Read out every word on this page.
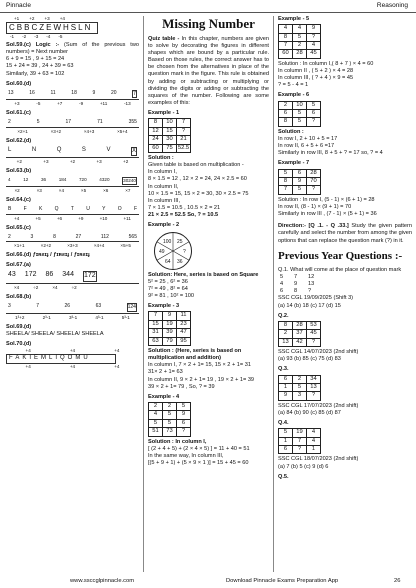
Pinnacle	Reasoning
+1 +2 +3 +4
CBBCZEWHSLN
-1 -2 -3 -4 -5
Sol.59.(c) Logic :- (Sum of the previous two numbers) = Next number
6 + 9 = 15 , 9 + 15 = 24
15 + 24 = 39 , 24 + 39 = 63
Similarly, 39 + 63 = 102
Sol.60.(d)
13	16	11	18	9	20	7
+3	-5	+7	-9	+11	-13
Sol.61.(c)
2	5	17	71	355
×2+1	×3+2	×4+3	×5+4
Sol.62.(d)
L	N	Q	S	V	X
+2	+3	+2	+3	+2
Sol.63.(b)
4	12	36	184	720	4320	30240
×2	×3	×4	×5	×6	×7
Sol.64.(c)
B F K Q T U Y O F
+4	+5	+6	+9	+10	+11
Sol.65.(c)
2	3	8	27	112	565
×1+1	×2+2	×3+3	×4+4	×5+5
Sol.66.(d) ƒɪʀƨɪɟ / ƒɪʀƨɪɟ / ƒɪʀƨɪɟ
Sol.67.(a)
43 172 86 344 172
×4	÷2	×4	÷2
Sol.68.(b)
3	7	26	63	124
1³+2	2³-1	3³-1	4³-1	5³-1
Sol.69.(d)
SHEELA/ SHEELA/ SHEELA/ SHEELA
Sol.70.(d)
+4	+4	+4
FAKIEMLIQOMU
+4	+4	+4
Missing Number
Quiz table - In this chapter, numbers are given to solve by decorating the figures in different shapes which are bound by a particular rule. Based on those rules, the correct answer has to be chosen from the alternatives in place of the question mark in the figure. This rule is obtained by adding or subtracting or multiplying or dividing the digits or adding or subtracting the squares of the number. Following are some examples of this:
Example - 1
8	10	7
12	15	?
24	30	21
60	75	52.5
Solution :
Given table is based on multiplication -
In column I,
8 × 1.5 = 12 , 12 × 2 = 24, 24 × 2.5 = 60
In column II,
10 × 1.5 = 15, 15 × 2 = 30, 30 × 2.5 = 75
In column III,
7 × 1.5 = 10.5 , 10.5 × 2 = 21
21 × 2.5 = 52.5 So, ? = 10.5
Example - 2
100 25
?
36
64
49
Solution: Here, series is based on Square
5² = 25 , 6² = 36
7² = 49 , 8² = 64
9² = 81 , 10² = 100
Example - 3
7	9	11
15	19	23
31	39	47
63	79	95
Solution : (Here, series is based on multiplication and addition)
In column I, 7 × 2 + 1= 15, 15 × 2 + 1= 31
31× 2 + 1= 63
In column II, 9 × 2 + 1= 19 , 19 × 2 + 1= 39
39 × 2 + 1= 79 , So, ? = 39
Example - 4
2	2	5
4	5	9
5	5	6
51	73	?
Solution : In column I,
[ (2 + 4 + 5) + (2 × 4 × 5) ] = 11 + 40 = 51
In the same way, In column III,
[(5 + 9 + 1) + (5 × 9 × 1 )] = 15 + 45 = 60
Example - 5
4	4	9
8	5	?
7	2	4
60	28	45
Solution : In column I,( 8 + 7 ) × 4 = 60
In column II , ( 5 + 2 ) × 4 = 28
In column III, ( ? + 4 ) × 9 = 45
? = 5 - 4 = 1
Example - 6
2	10	5
6	5	6
8	5	?
Solution :
In row I, 2 + 10 + 5 = 17
In row II, 6 + 5 + 6 =17
Similarly in row III, 8 + 5 + ? = 17 so, ? = 4
Example - 7
5	6	28
8	9	70
7	5	?
Solution : In row I, (5 - 1) × (6 + 1) = 28
In row II, (8 - 1) × (9 + 1) = 70
Similarly in row III , (7 - 1) × (5 + 1) = 36
Direction:- [Q .1. - Q .33.] Study the given pattern carefully and select the number from among the given options that can replace the question mark (?) in it.
Previous Year Questions :-
Q.1. What will come at the place of question mark
5	7	12
4	9	13
6	8	?
SSC CGL 19/09/2025 (Shift 3)
(a) 14 (b) 18 (c) 17 (d) 15
Q.2.
8	28	53
2	37	45
13	42	?
SSC CGL 14/07/2023 (2nd shift)
(a) 93 (b) 85 (c) 75 (d) 83
Q.3.
6	2	34
1	5	13
9	3	?
SSC CGL 17/07/2023 (2nd shift)
(a) 84 (b) 90 (c) 85 (d) 87
Q.4.
5	19	4
1	7	4
6	?	1
SSC CGL 18/07/2023 (2nd shift)
(a) 7 (b) 5 (c) 9 (d) 6
Q.5.
www.ssccglpinnacle.com	Download Pinnacle Exams Preparation App	26
